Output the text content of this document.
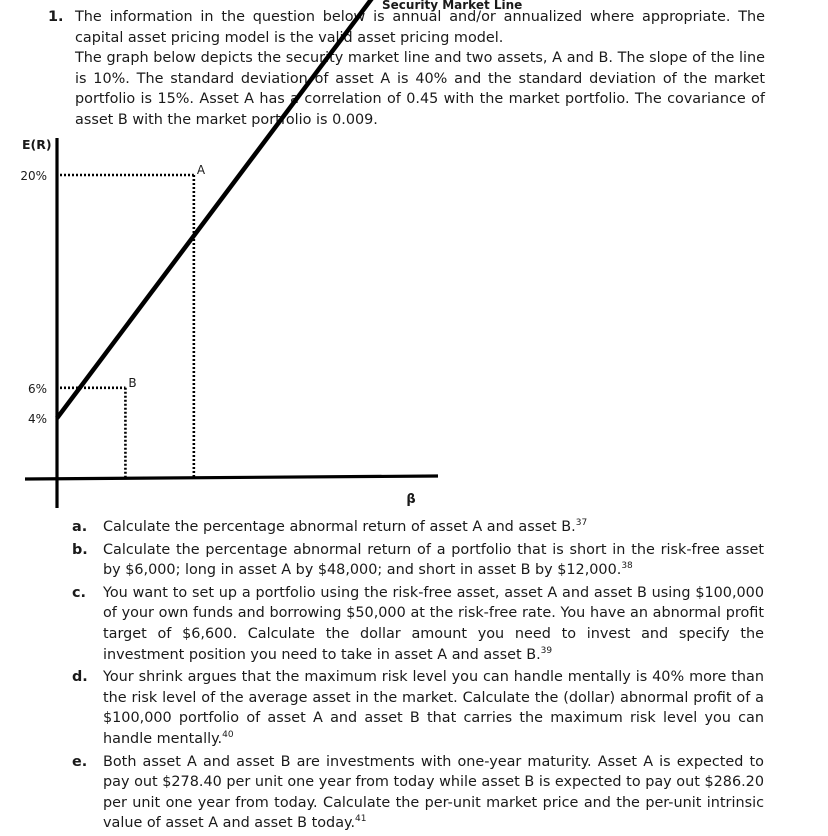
1. The information in the question below is annual and/or annualized where appropriate. The capital asset pricing model is the valid asset pricing model.

The graph below depicts the security market line and two assets, A and B. The slope of the line is 10%. The standard deviation of asset A is 40% and the standard deviation of the market portfolio is 15%. Asset A has a correlation of 0.45 with the market portfolio. The covariance of asset B with the market portfolio is 0.009.

E(R)
β
20%
6%
4%
Security Market Line
A
B
a. Calculate the percentage abnormal return of asset A and asset B.$^{37}$
b. Calculate the percentage abnormal return of a portfolio that is short in the risk-free asset by $6,000; long in asset A by $48,000; and short in asset B by $12,000.38
c. You want to set up a portfolio using the risk-free asset, asset A and asset B using $100,000 of your own funds and borrowing $50,000 at the risk-free rate. You have an abnormal profit target of $6,600. Calculate the dollar amount you need to invest and specify the investment position you need to take in asset A and asset B.$^{39}$
d. Your shrink argues that the maximum risk level you can handle mentally is 40% more than the risk level of the average asset in the market. Calculate the (dollar) abnormal profit of a $100,000 portfolio of asset A and asset B that carries the maximum risk level you can handle mentally.$^{40}$
e. Both asset A and asset B are investments with one-year maturity. Asset A is expected to pay out $278.40 per unit one year from today while asset B is expected to pay out $286.20 per unit one year from today. Calculate the per-unit market price and the per-unit intrinsic value of asset A and asset B today.$^{41}$
